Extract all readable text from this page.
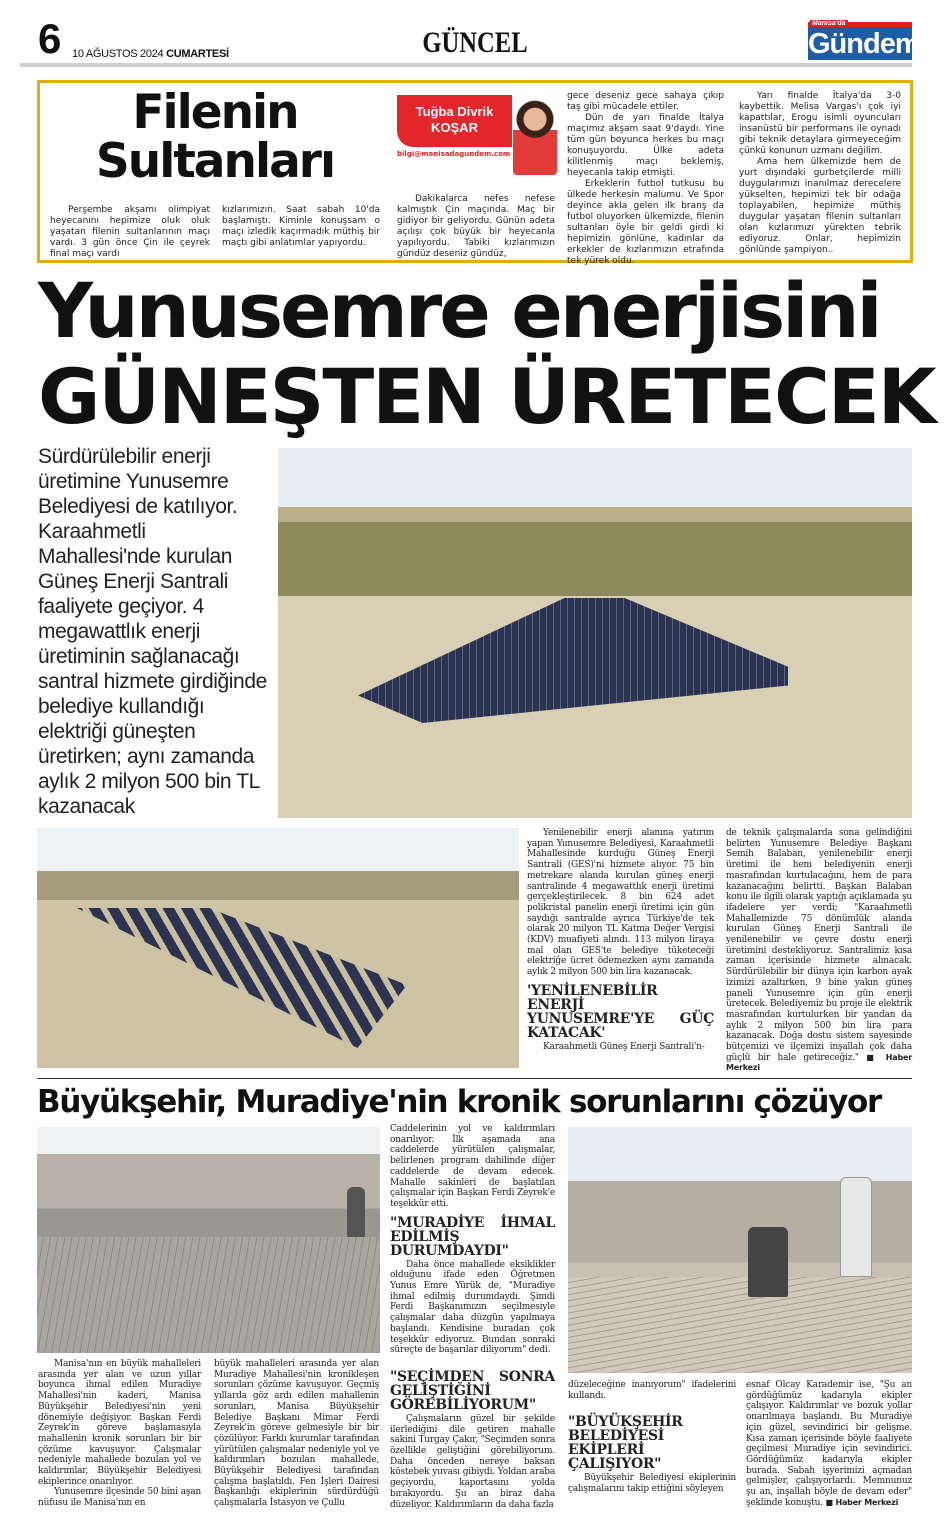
6 10 AĞUSTOS 2024 CUMARTESİ	GÜNCEL
Manisa'da
Gündem
Filenin
Sultanları
Tuğba Divrik
KOŞAR
bilgi@manisadagundem.com

Perşembe akşamı olimpiyat heyecanını hepimize oluk oluk yaşatan filenin sultanlarının maçı vardı. 3 gün önce Çin ile çeyrek final maçı vardı

kızlarımızın. Saat sabah 10'da başlamıştı. Kiminle konuşsam o maçı izledik kaçırmadık müthiş bir maçtı gibi anlatımlar yapıyordu.

Dakikalarca nefes nefese kalmıştık Çin maçında. Maç bir gidiyor bir geliyordu. Günün adeta açılışı çok büyük bir heyecanla yapılıyordu. Tabiki kızlarımızın gündüz deseniz gündüz,

gece deseniz gece sahaya çıkıp taş gibi mücadele ettiler.

Dün de yarı finalde İtalya maçımız akşam saat 9'daydı. Yine tüm gün boyunca herkes bu maçı konuşuyordu. Ülke adeta kilitlenmiş maçı beklemiş, heyecanla takip etmişti.

Erkeklerin futbol tutkusu bu ülkede herkesin malumu. Ve Spor deyince akla gelen ilk branş da futbol oluyorken ülkemizde, filenin sultanları öyle bir geldi girdi ki hepimizin gönlüne, kadınlar da erkekler de kızlarımızın etrafında tek yürek oldu.

Yarı finalde İtalya'da 3-0 kaybettik. Melisa Vargas'ı çok iyi kapattılar, Erogu isimli oyuncuları insanüstü bir performans ile oynadı gibi teknik detaylara girmeyeceğim çünkü konunun uzmanı değilim.

Ama hem ülkemizde hem de yurt dışındaki gurbetçilerde milli duygularımızı inanılmaz derecelere yükselten, hepimizi tek bir odağa toplayabilen, hepimize müthiş duygular yaşatan filenin sultanları olan kızlarımızı yürekten tebrik ediyoruz. Onlar, hepimizin gönlünde şampiyon..

Yunusemre enerjisini
GÜNEŞTEN ÜRETECEK
Sürdürülebilir enerji üretimine Yunusemre Belediyesi de katılıyor. Karaahmetli Mahallesi'nde kurulan Güneş Enerji Santrali faaliyete geçiyor. 4 megawattlık enerji üretiminin sağlanacağı santral hizmete girdiğinde belediye kullandığı elektriği güneşten üretirken; aynı zamanda aylık 2 milyon 500 bin TL kazanacak

Yenilenebilir enerji alanına yatırım yapan Yunusemre Belediyesi, Karaahmetli Mahallesinde kurduğu Güneş Enerji Santrali (GES)'ni hizmete alıyor. 75 bin metrekare alanda kurulan güneş enerji santralinde 4 megawattlık enerji üretimi gerçekleştirilecek. 8 bin 624 adet polikristal panelin enerji üretimi için gün saydığı santralde ayrıca Türkiye'de tek olarak 20 milyon TL Katma Değer Vergisi (KDV) muafiyeti alındı. 113 milyon liraya mal olan GES'te belediye tüketeceği elektriğe ücret ödemezken aynı zamanda aylık 2 milyon 500 bin lira kazanacak.

'YENİLENEBİLİR ENERJİ YUNUSEMRE'YE GÜÇ KATACAK'

Karaahmetli Güneş Enerji Santrali'n-

de teknik çalışmalarda sona gelindiğini belirten Yunusemre Belediye Başkanı Semih Balaban, yenilenebilir enerji üretimi ile hem belediyenin enerji masrafından kurtulacağını, hem de para kazanacağını belirtti. Başkan Balaban konu ile ilgili olarak yaptığı açıklamada şu ifadelere yer verdi; "Karaahmetli Mahallemizde 75 dönümlük alanda kurulan Güneş Enerji Santrali ile yenilenebilir ve çevre dostu enerji üretimini destekliyoruz. Santralimiz kısa zaman içerisinde hizmete alınacak. Sürdürülebilir bir dünya için karbon ayak izimizi azaltırken, 9 bine yakın güneş paneli Yunusemre için gün enerji üretecek. Belediyemiz bu proje ile elektrik masrafından kurtulurken bir yandan da aylık 2 milyon 500 bin lira para kazanacak. Doğa dostu sistem sayesinde bütçemizi ve ilçemizi inşallah çok daha güçlü bir hale getireceğiz." ■ Haber Merkezi

Büyükşehir, Muradiye'nin kronik sorunlarını çözüyor

Manisa'nın en büyük mahalleleri arasında yer alan ve uzun yıllar boyunca ihmal edilen Muradiye Mahallesi'nin kaderi, Manisa Büyükşehir Belediyesi'nin yeni dönemiyle değişiyor. Başkan Ferdi Zeyrek'in göreve başlamasıyla mahallenin kronik sorunları bir bir çözüme kavuşuyor. Çalışmalar nedeniyle mahallede bozulan yol ve kaldırımlar, Büyükşehir Belediyesi ekiplerince onarılıyor.

Yunusemre ilçesinde 50 bini aşan nüfusu ile Manisa'nın en

büyük mahalleleri arasında yer alan Muradiye Mahallesi'nin kronikleşen sorunları çözüme kavuşuyor. Geçmiş yıllarda göz ardı edilen mahallenin sorunları, Manisa Büyükşehir Belediye Başkanı Mimar Ferdi Zeyrek'in göreve gelmesiyle bir bir çözülüyor. Farklı kurumlar tarafından yürütülen çalışmalar nedeniyle yol ve kaldırımları bozulan mahallede, Büyükşehir Belediyesi tarafından çalışma başlatıldı. Fen İşleri Dairesi Başkanlığı ekiplerinin sürdürdüğü çalışmalarla İstasyon ve Çullu

Caddelerinin yol ve kaldırımları onarılıyor. İlk aşamada ana caddelerde yürütülen çalışmalar, belirlenen program dahilinde diğer caddelerde de devam edecek. Mahalle sakinleri de başlatılan çalışmalar için Başkan Ferdi Zeyrek'e teşekkür etti.

"MURADİYE İHMAL EDİLMİŞ DURUMDAYDI"

Daha önce mahallede eksiklikler olduğunu ifade eden Öğretmen Yunus Emre Yürük de, "Muradiye ihmal edilmiş durumdaydı. Şimdi Ferdi Başkanımızın seçilmesiyle çalışmalar daha düzgün yapılmaya başlandı. Kendisine buradan çok teşekkür ediyoruz. Bundan sonraki süreçte de başarılar diliyorum" dedi.

"SEÇİMDEN SONRA GELİŞTİĞİNİ GÖREBİLİYORUM"

Çalışmaların güzel bir şekilde ilerlediğini dile getiren mahalle sakini Turgay Çakır, "Seçimden sonra özellikle geliştiğini görebiliyorum. Daha önceden nereye baksan köstebek yuvası gibiydi. Yoldan araba geçiyordu, kaportasını yolda bırakıyordu. Şu an biraz daha düzeliyor. Kaldırımların da daha fazla

düzeleceğine inanıyorum" ifadelerini kullandı.

"BÜYÜKŞEHİR BELEDİYESİ EKİPLERİ ÇALIŞIYOR"

Büyükşehir Belediyesi ekiplerinin çalışmalarını takip ettiğini söyleyen

esnaf Olcay Karademir ise, "Şu an gördüğümüz kadarıyla ekipler çalışıyor. Kaldırımlar ve bozuk yollar onarılmaya başlandı. Bu Muradiye için güzel, sevindirici bir gelişme. Kısa zaman içerisinde böyle faaliyete geçilmesi Muradiye için sevindirici. Gördüğümüz kadarıyla ekipler burada. Sabah işyerimizi açmadan gelmişler, çalışıyorlardı. Memnunuz şu an, inşallah böyle de devam eder" şeklinde konuştu. ■ Haber Merkezi
